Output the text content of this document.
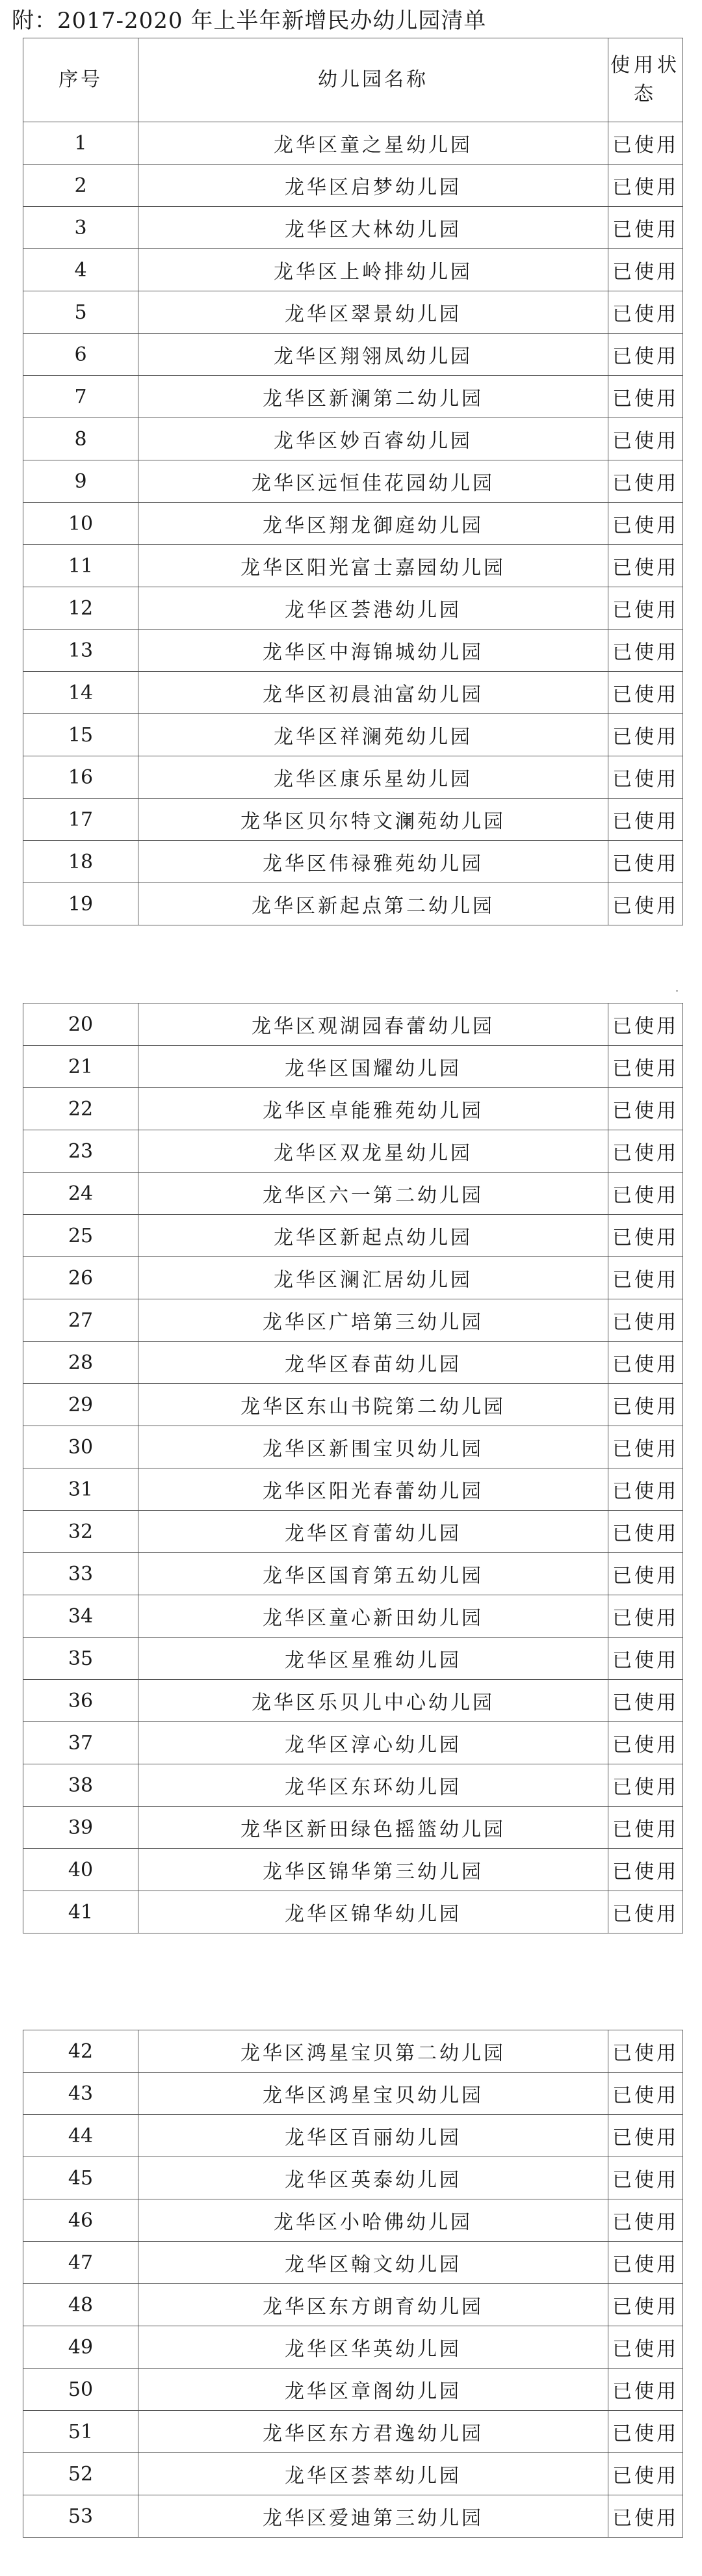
附：2017-2020 年上半年新增民办幼儿园清单
序号	幼儿园名称	使用状态
1	龙华区童之星幼儿园	已使用
2	龙华区启梦幼儿园	已使用
3	龙华区大林幼儿园	已使用
4	龙华区上岭排幼儿园	已使用
5	龙华区翠景幼儿园	已使用
6	龙华区翔翎凤幼儿园	已使用
7	龙华区新澜第二幼儿园	已使用
8	龙华区妙百睿幼儿园	已使用
9	龙华区远恒佳花园幼儿园	已使用
10	龙华区翔龙御庭幼儿园	已使用
11	龙华区阳光富士嘉园幼儿园	已使用
12	龙华区荟港幼儿园	已使用
13	龙华区中海锦城幼儿园	已使用
14	龙华区初晨油富幼儿园	已使用
15	龙华区祥澜苑幼儿园	已使用
16	龙华区康乐星幼儿园	已使用
17	龙华区贝尔特文澜苑幼儿园	已使用
18	龙华区伟禄雅苑幼儿园	已使用
19	龙华区新起点第二幼儿园	已使用
20	龙华区观湖园春蕾幼儿园	已使用
21	龙华区国耀幼儿园	已使用
22	龙华区卓能雅苑幼儿园	已使用
23	龙华区双龙星幼儿园	已使用
24	龙华区六一第二幼儿园	已使用
25	龙华区新起点幼儿园	已使用
26	龙华区澜汇居幼儿园	已使用
27	龙华区广培第三幼儿园	已使用
28	龙华区春苗幼儿园	已使用
29	龙华区东山书院第二幼儿园	已使用
30	龙华区新围宝贝幼儿园	已使用
31	龙华区阳光春蕾幼儿园	已使用
32	龙华区育蕾幼儿园	已使用
33	龙华区国育第五幼儿园	已使用
34	龙华区童心新田幼儿园	已使用
35	龙华区星雅幼儿园	已使用
36	龙华区乐贝儿中心幼儿园	已使用
37	龙华区淳心幼儿园	已使用
38	龙华区东环幼儿园	已使用
39	龙华区新田绿色摇篮幼儿园	已使用
40	龙华区锦华第三幼儿园	已使用
41	龙华区锦华幼儿园	已使用
42	龙华区鸿星宝贝第二幼儿园	已使用
43	龙华区鸿星宝贝幼儿园	已使用
44	龙华区百丽幼儿园	已使用
45	龙华区英泰幼儿园	已使用
46	龙华区小哈佛幼儿园	已使用
47	龙华区翰文幼儿园	已使用
48	龙华区东方朗育幼儿园	已使用
49	龙华区华英幼儿园	已使用
50	龙华区章阁幼儿园	已使用
51	龙华区东方君逸幼儿园	已使用
52	龙华区荟萃幼儿园	已使用
53	龙华区爱迪第三幼儿园	已使用
